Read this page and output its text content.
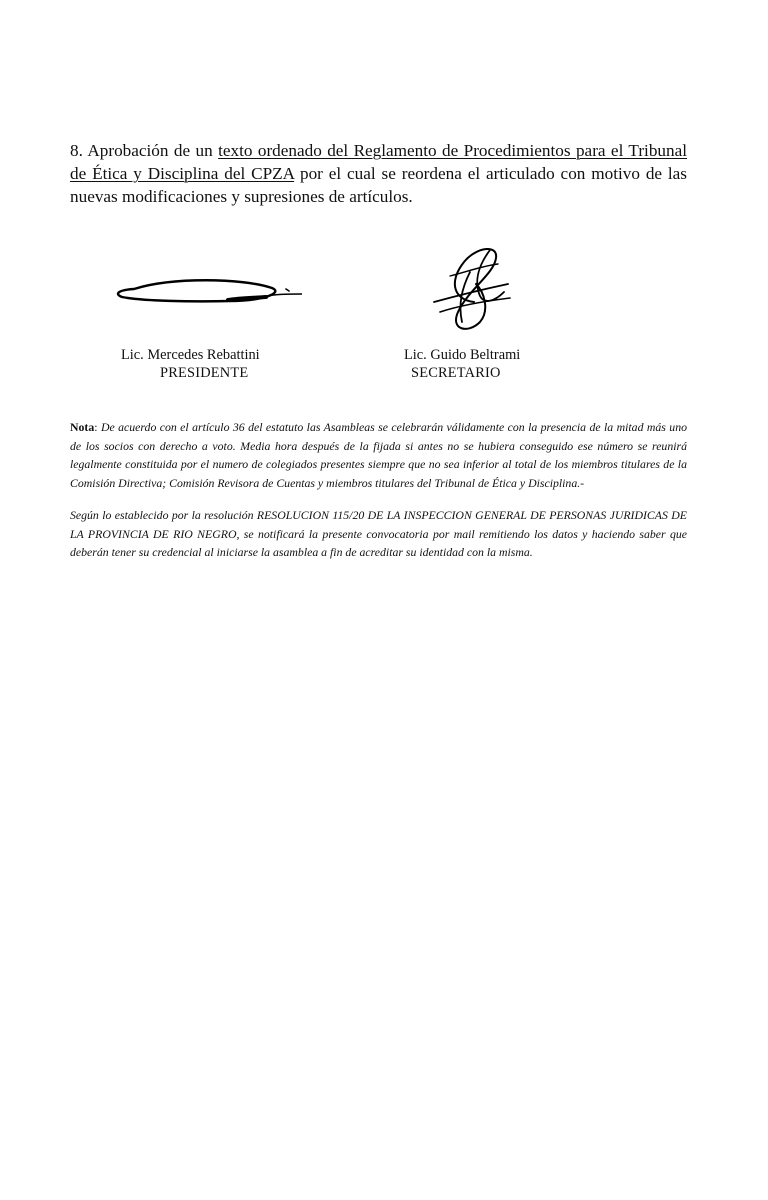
8. Aprobación de un texto ordenado del Reglamento de Procedimientos para el Tribunal de Ética y Disciplina del CPZA por el cual se reordena el articulado con motivo de las nuevas modificaciones y supresiones de artículos.

Lic. Mercedes Rebattini

PRESIDENTE

Lic. Guido Beltrami

SECRETARIO

Nota: De acuerdo con el artículo 36 del estatuto las Asambleas se celebrarán válidamente con la presencia de la mitad más uno de los socios con derecho a voto. Media hora después de la fijada si antes no se hubiera conseguido ese número se reunirá legalmente constituida por el numero de colegiados presentes siempre que no sea inferior al total de los miembros titulares de la Comisión Directiva; Comisión Revisora de Cuentas y miembros titulares del Tribunal de Ética y Disciplina.-

Según lo establecido por la resolución RESOLUCION 115/20 DE LA INSPECCION GENERAL DE PERSONAS JURIDICAS DE LA PROVINCIA DE RIO NEGRO, se notificará la presente convocatoria por mail remitiendo los datos y haciendo saber que deberán tener su credencial al iniciarse la asamblea a fin de acreditar su identidad con la misma.
